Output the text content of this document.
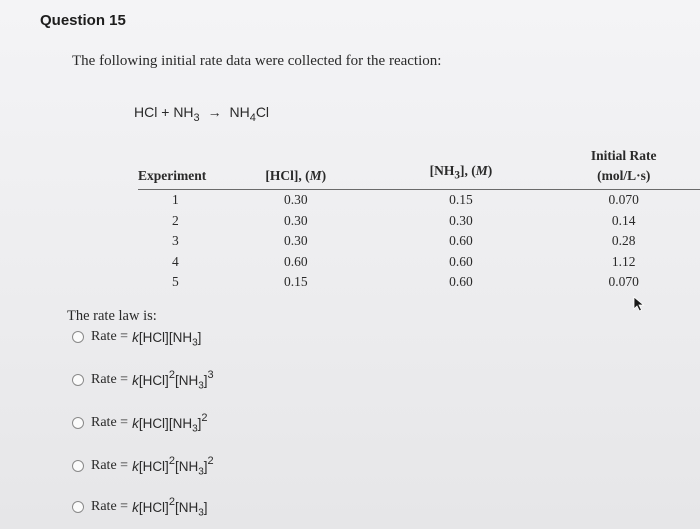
Question 15
The following initial rate data were collected for the reaction:
HCl + $NH_3 \to NH_4Cl$
Experiment	[HCl], (M)	$[NH_3]$, (M)	Initial Rate
(mol/L·s)
1	0.30	0.15	0.070
2	0.30	0.30	0.14
3	0.30	0.60	0.28
4	0.60	0.60	1.12
5	0.15	0.60	0.070
The rate law is:
Rate = $k[HCl][NH_3]$
Rate = $k[HCl]^2[NH_3]^3$
Rate = $k[HCl][NH_3]^2$
Rate = $k[HCl]^2[NH_3]^2$
Rate = $k[HCl]^2[NH_3]$
